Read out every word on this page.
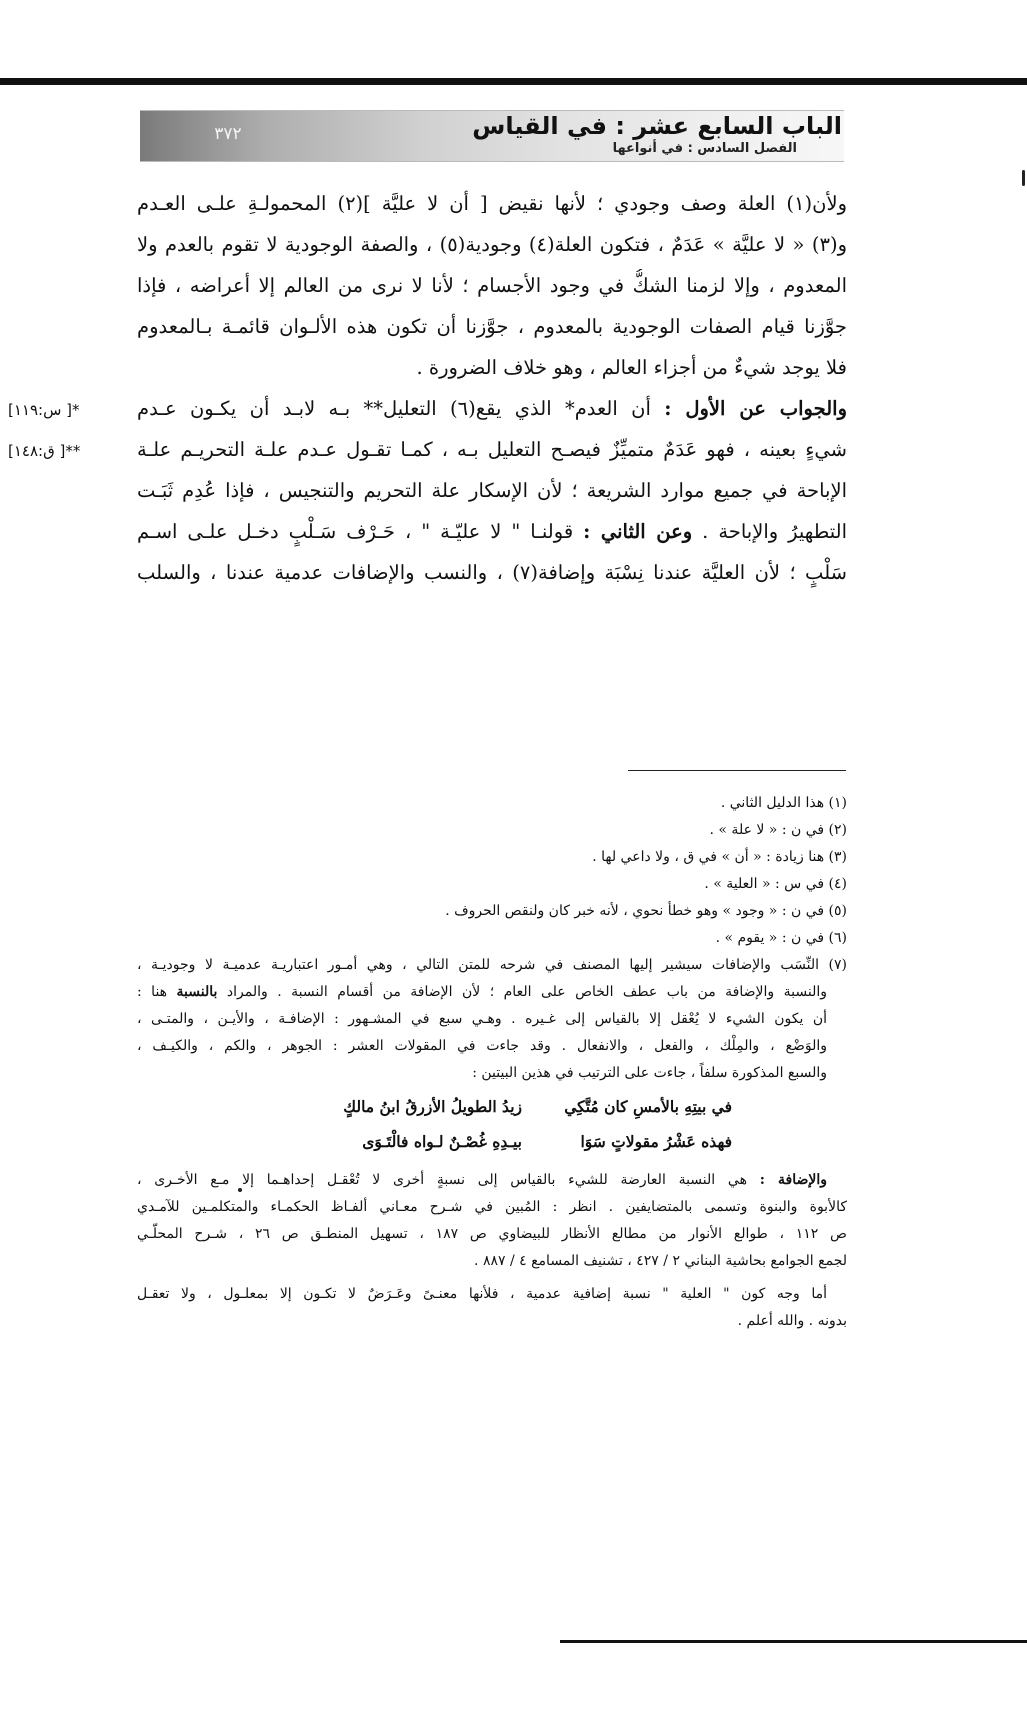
٣٧٢	الباب السابع عشر : في القياس
الفصل السادس : في أنواعها
ولأن(١) العلة وصف وجودي ؛ لأنها نقيض [ أن لا عليَّة ](٢) المحمولـةِ علـى العـدم
و(٣) « لا عليَّة » عَدَمٌ ، فتكون العلة(٤) وجودية(٥) ، والصفة الوجودية لا تقوم بالعدم ولا
المعدوم ، وإلا لزمنا الشكُّ في وجود الأجسام ؛ لأنا لا نرى من العالم إلا أعراضه ، فإذا
جوَّزنا قيام الصفات الوجودية بالمعدوم ، جوَّزنا أن تكون هذه الألـوان قائمـة بـالمعدوم
فلا يوجد شيءٌ من أجزاء العالم ، وهو خلاف الضرورة .
والجواب عن الأول : أن العدم* الذي يقع(٦) التعليل** بـه لابـد أن يكـون عـدم
شيءٍ بعينه ، فهو عَدَمٌ متميِّزٌ فيصـح التعليل بـه ، كمـا تقـول عـدم علـة التحريـم علـة
الإباحة في جميع موارد الشريعة ؛ لأن الإسكار علة التحريم والتنجيس ، فإذا عُدِم ثَبَـت
التطهيرُ والإباحة . وعن الثاني : قولنـا " لا عليّـة " ، حَـرْف سَـلْبٍ دخـل علـى اسـم
سَلْبٍ ؛ لأن العليَّة عندنا نِسْبَة وإضافة(٧) ، والنسب والإضافات عدمية عندنا ، والسلب
*[ س:١١٩]
**[ ق:١٤٨]
(١) هذا الدليل الثاني .
(٢) في ن : « لا علة » .
(٣) هنا زيادة : « أن » في ق ، ولا داعي لها .
(٤) في س : « العلية » .
(٥) في ن : « وجود » وهو خطأ نحوي ، لأنه خبر كان ولنقص الحروف .
(٦) في ن : « يقوم » .
(٧) النِّسَب والإضافات سيشير إليها المصنف في شرحه للمتن التالي ، وهي أمـور اعتباريـة عدميـة لا وجوديـة ،
والنسبة والإضافة من باب عطف الخاص على العام ؛ لأن الإضافة من أقسام النسبة . والمراد بالنسبة هنا :
أن يكون الشيء لا يُعْقل إلا بالقياس إلى غـيره . وهـي سبع في المشـهور : الإضافـة ، والأيـن ، والمتـى ،
والوَضْع ، والمِلْك ، والفعل ، والانفعال . وقد جاءت في المقولات العشر : الجوهر ، والكم ، والكيـف ،
والسبع المذكورة سلفاً ، جاءت على الترتيب في هذين البيتين :
زيدُ الطويلُ الأزرقُ ابنُ مالكٍ	في بيتِهِ بالأمسِ كان مُتَّكِي
بيـدِهِ غُصْـنٌ لـواه فالْتَـوَى	فهذه عَشْرُ مقولاتٍ سَوَا
والإضافة : هي النسبة العارضة للشيء بالقياس إلى نسبةٍ أخرى لا تُعْقـل إحداهـما إلا مـع الأخـرى ،
كالأبوة والبنوة وتسمى بالمتضايفين . انظر : المُبين في شـرح معـاني ألفـاظ الحكمـاء والمتكلمـين للآمـدي
ص ١١٢ ، طوالع الأنوار من مطالع الأنظار للبيضاوي ص ١٨٧ ، تسهيل المنطـق ص ٢٦ ، شـرح المحلّـي
لجمع الجوامع بحاشية البناني ٢ / ٤٢٧ ، تشنيف المسامع ٤ / ٨٨٧ .
أما وجه كون " العلية " نسبة إضافية عدمية ، فلأنها معنـىً وعَـرَضٌ لا تكـون إلا بمعلـول ، ولا تعقـل
بدونه . والله أعلم .
